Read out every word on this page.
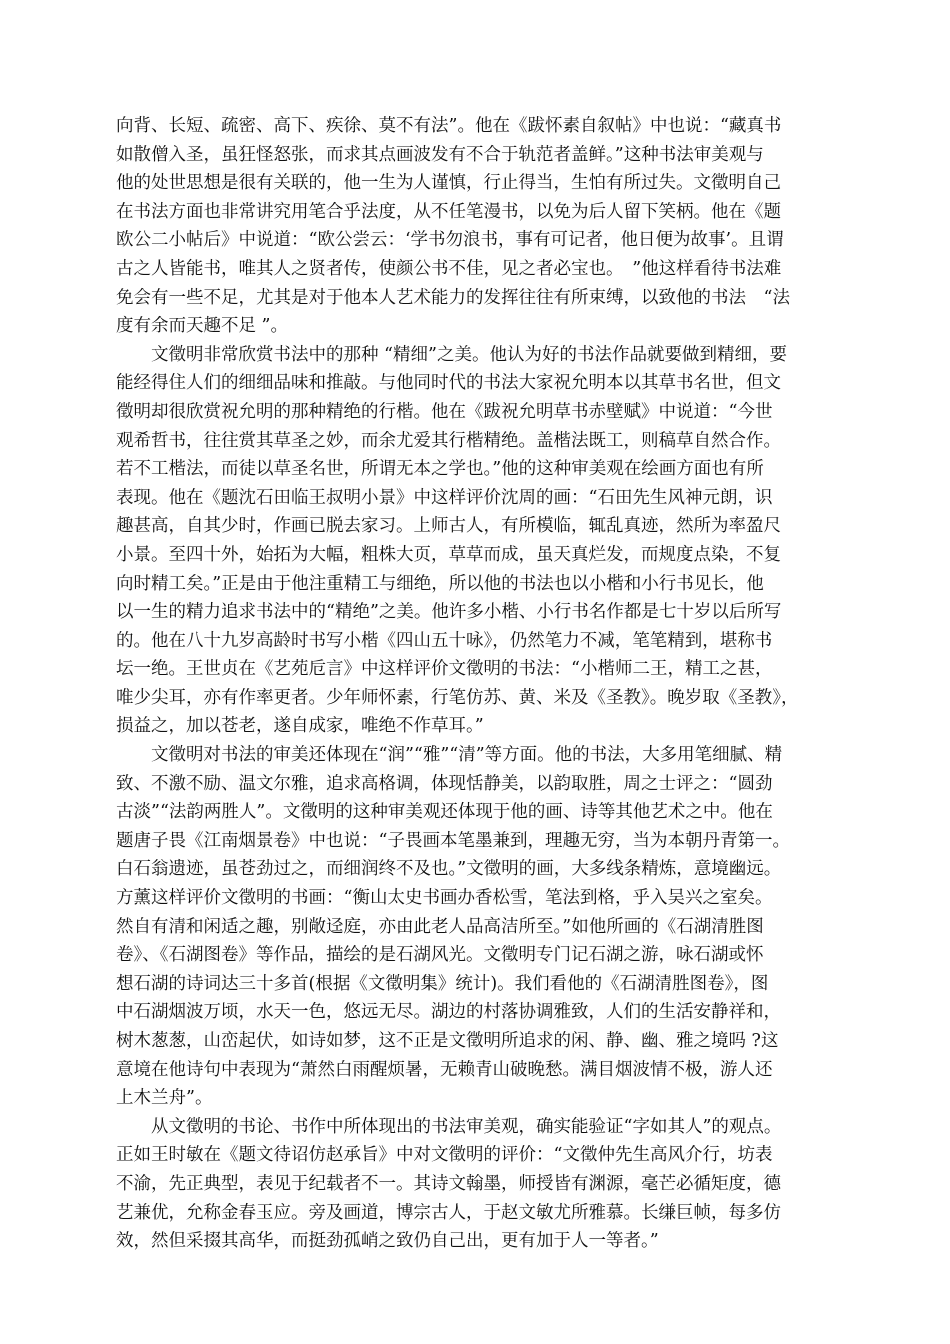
向背、长短、疏密、高下、疾徐、莫不有法”。他在《跋怀素自叙帖》中也说：“藏真书
如散僧入圣，虽狂怪怒张，而求其点画波发有不合于轨范者盖鲜。”这种书法审美观与
他的处世思想是很有关联的，他一生为人谨慎，行止得当，生怕有所过失。文徵明自己
在书法方面也非常讲究用笔合乎法度，从不任笔漫书，以免为后人留下笑柄。他在《题
欧公二小帖后》中说道：“欧公尝云：‘学书勿浪书，事有可记者，他日便为故事’。且谓
古之人皆能书，唯其人之贤者传，使颜公书不佳，见之者必宝也。　”他这样看待书法难
免会有一些不足，尤其是对于他本人艺术能力的发挥往往有所束缚，以致他的书法　“法
度有余而天趣不足 ”。
文徵明非常欣赏书法中的那种 “精细”之美。他认为好的书法作品就要做到精细，要
能经得住人们的细细品味和推敲。与他同时代的书法大家祝允明本以其草书名世，但文
徵明却很欣赏祝允明的那种精绝的行楷。他在《跋祝允明草书赤壁赋》中说道：“今世
观希哲书，往往赏其草圣之妙，而余尤爱其行楷精绝。盖楷法既工，则稿草自然合作。
若不工楷法，而徒以草圣名世，所谓无本之学也。”他的这种审美观在绘画方面也有所
表现。他在《题沈石田临王叔明小景》中这样评价沈周的画：“石田先生风神元朗，识
趣甚高，自其少时，作画已脱去家习。上师古人，有所模临，辄乱真迹，然所为率盈尺
小景。至四十外，始拓为大幅，粗株大页，草草而成，虽天真烂发，而规度点染，不复
向时精工矣。”正是由于他注重精工与细绝，所以他的书法也以小楷和小行书见长，他
以一生的精力追求书法中的“精绝”之美。他许多小楷、小行书名作都是七十岁以后所写
的。他在八十九岁高龄时书写小楷《四山五十咏》，仍然笔力不减，笔笔精到，堪称书
坛一绝。王世贞在《艺苑卮言》中这样评价文徵明的书法：“小楷师二王，精工之甚，
唯少尖耳，亦有作率更者。少年师怀素，行笔仿苏、黄、米及《圣教》。晚岁取《圣教》，
损益之，加以苍老，遂自成家，唯绝不作草耳。”
文徵明对书法的审美还体现在“润”“雅”“清”等方面。他的书法，大多用笔细腻、精
致、不激不励、温文尔雅，追求高格调，体现恬静美，以韵取胜，周之士评之：“圆劲
古淡”“法韵两胜人”。文徵明的这种审美观还体现于他的画、诗等其他艺术之中。他在
题唐子畏《江南烟景卷》中也说：“子畏画本笔墨兼到，理趣无穷，当为本朝丹青第一。
白石翁遗迹，虽苍劲过之，而细润终不及也。”文徵明的画，大多线条精炼，意境幽远。
方薰这样评价文徵明的书画：“衡山太史书画办香松雪，笔法到格，乎入吴兴之室矣。
然自有清和闲适之趣，别敞迳庭，亦由此老人品高洁所至。”如他所画的《石湖清胜图
卷》、《石湖图卷》等作品，描绘的是石湖风光。文徵明专门记石湖之游，咏石湖或怀
想石湖的诗词达三十多首(根据《文徵明集》统计)。我们看他的《石湖清胜图卷》，图
中石湖烟波万顷，水天一色，悠远无尽。湖边的村落协调雅致，人们的生活安静祥和，
树木葱葱，山峦起伏，如诗如梦，这不正是文徵明所追求的闲、静、幽、雅之境吗 ?这
意境在他诗句中表现为“萧然白雨醒烦暑，无赖青山破晚愁。满目烟波情不极，游人还
上木兰舟”。
从文徵明的书论、书作中所体现出的书法审美观，确实能验证“字如其人”的观点。
正如王时敏在《题文待诏仿赵承旨》中对文徵明的评价：“文徵仲先生高风介行，坊表
不渝，先正典型，表见于纪载者不一。其诗文翰墨，师授皆有渊源，毫芒必循矩度，德
艺兼优，允称金春玉应。旁及画道，博宗古人，于赵文敏尤所雅慕。长缣巨帧，每多仿
效，然但采掇其高华，而挺劲孤峭之致仍自己出，更有加于人一等者。”
